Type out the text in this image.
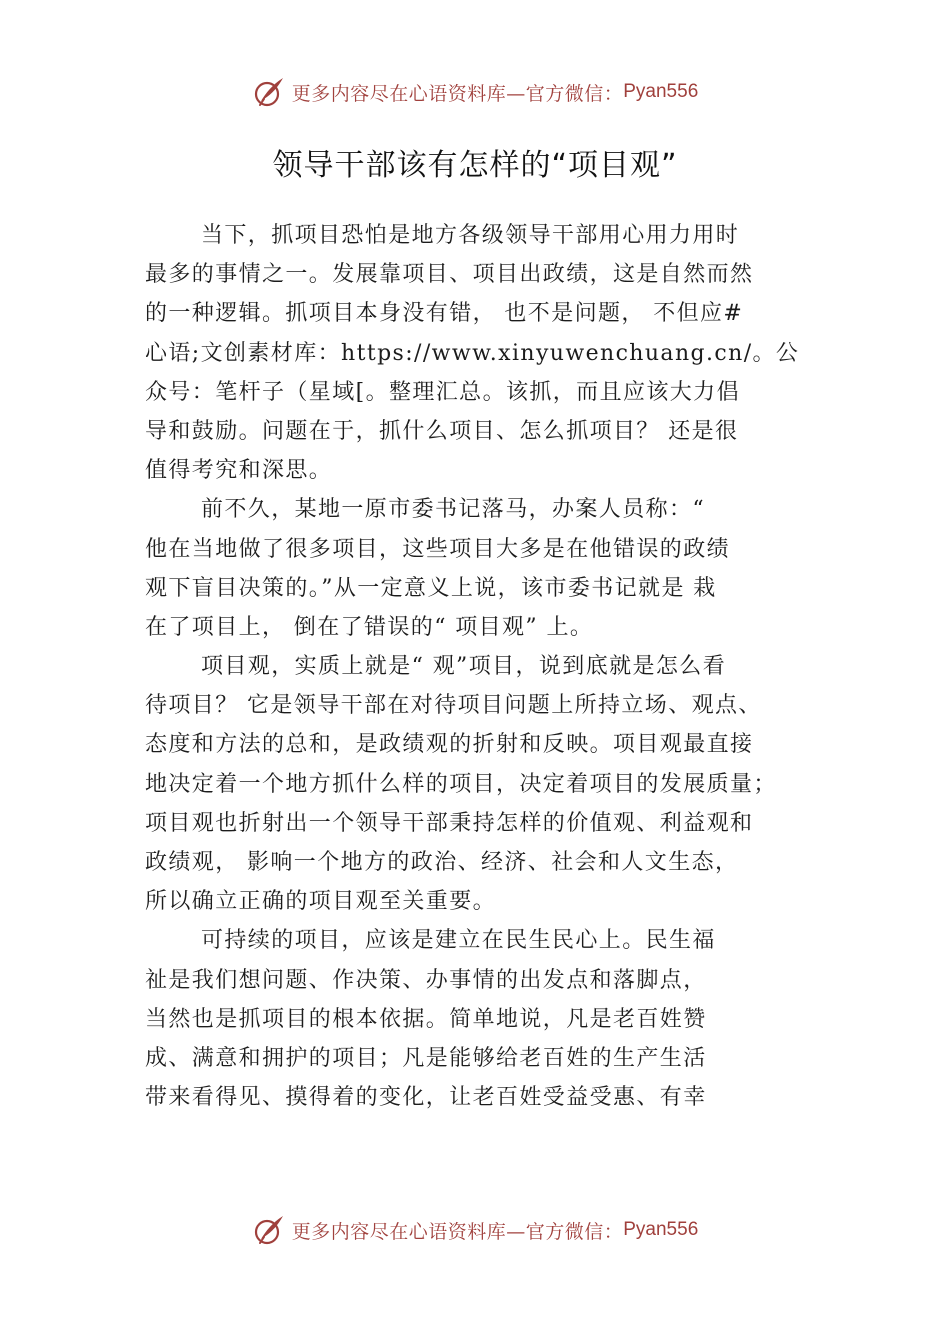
更多内容尽在心语资料库—官方微信： Pyan556
领导干部该有怎样的“项目观”
当下，抓项目恐怕是地方各级领导干部用心用力用时
最多的事情之一。发展靠项目、项目出政绩，这是自然而然
的一种逻辑。抓项目本身没有错， 也不是问题， 不但应#
心语;文创素材库：https://www.xinyuwenchuang.cn/。公
众号：笔杆子（星域[。整理汇总。该抓，而且应该大力倡
导和鼓励。问题在于，抓什么项目、怎么抓项目？ 还是很
值得考究和深思。
前不久，某地一原市委书记落马，办案人员称：“
他在当地做了很多项目，这些项目大多是在他错误的政绩
观下盲目决策的。”从一定意义上说，该市委书记就是 栽
在了项目上， 倒在了错误的“ 项目观” 上。
项目观，实质上就是“ 观”项目，说到底就是怎么看
待项目？ 它是领导干部在对待项目问题上所持立场、观点、
态度和方法的总和，是政绩观的折射和反映。项目观最直接
地决定着一个地方抓什么样的项目，决定着项目的发展质量；
项目观也折射出一个领导干部秉持怎样的价值观、利益观和
政绩观， 影响一个地方的政治、经济、社会和人文生态，
所以确立正确的项目观至关重要。
可持续的项目，应该是建立在民生民心上。民生福
祉是我们想问题、作决策、办事情的出发点和落脚点，
当然也是抓项目的根本依据。简单地说，凡是老百姓赞
成、满意和拥护的项目；凡是能够给老百姓的生产生活
带来看得见、摸得着的变化，让老百姓受益受惠、有幸
更多内容尽在心语资料库—官方微信： Pyan556
